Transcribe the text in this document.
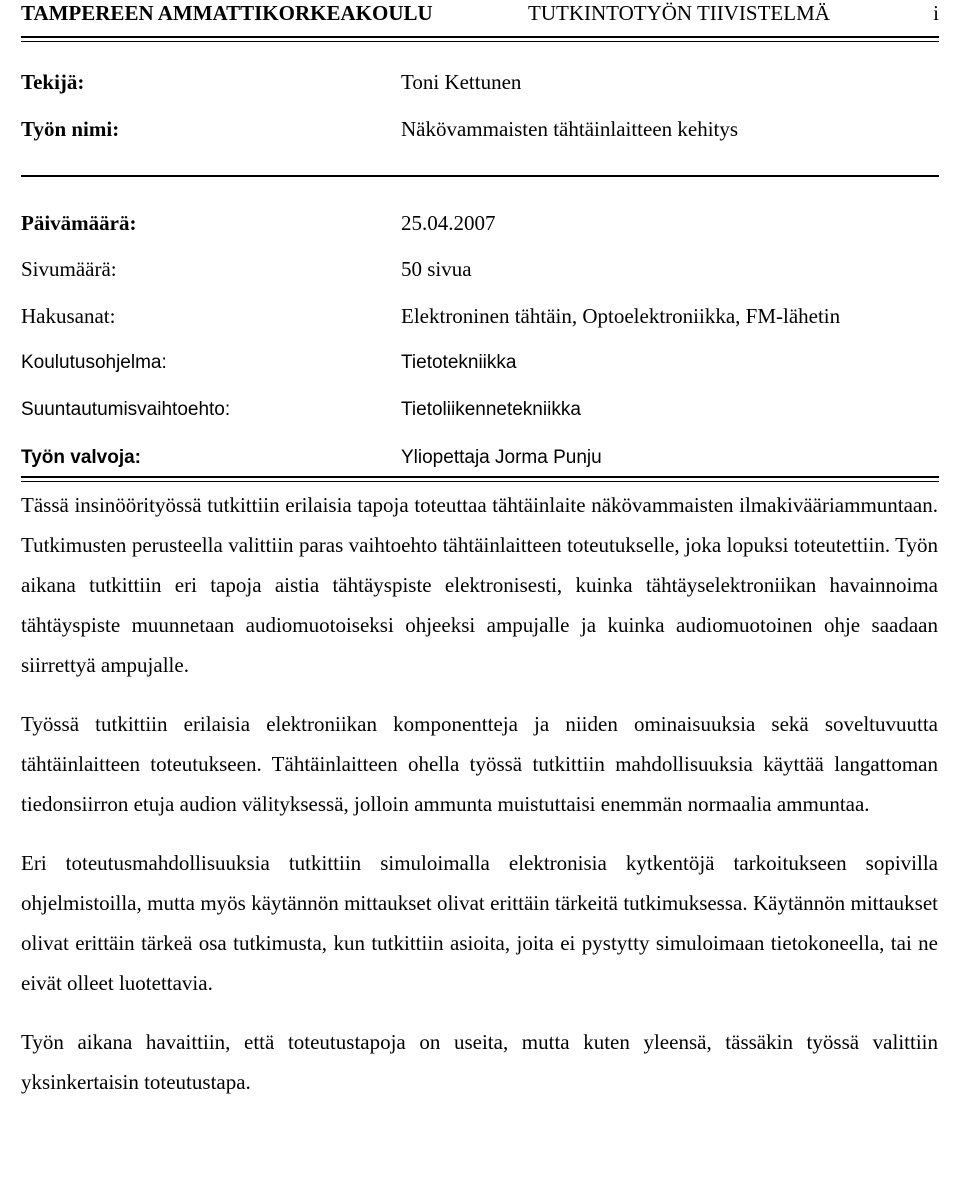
TAMPEREEN AMMATTIKORKEAKOULU	TUTKINTOTYÖN TIIVISTELMÄ	i
Tekijä:	Toni Kettunen
Työn nimi:	Näkövammaisten tähtäinlaitteen kehitys
Päivämäärä:	25.04.2007
Sivumäärä:	50 sivua
Hakusanat:	Elektroninen tähtäin, Optoelektroniikka, FM-lähetin
Koulutusohjelma:	Tietotekniikka
Suuntautumisvaihtoehto:	Tietoliikennetekniikka
Työn valvoja:	Yliopettaja Jorma Punju

Tässä insinöörityössä tutkittiin erilaisia tapoja toteuttaa tähtäinlaite näkövammaisten ilmakivääriammuntaan. Tutkimusten perusteella valittiin paras vaihtoehto tähtäinlaitteen toteutukselle, joka lopuksi toteutettiin. Työn aikana tutkittiin eri tapoja aistia tähtäyspiste elektronisesti, kuinka tähtäyselektroniikan havainnoima tähtäyspiste muunnetaan audiomuotoiseksi ohjeeksi ampujalle ja kuinka audiomuotoinen ohje saadaan siirrettyä ampujalle.

Työssä tutkittiin erilaisia elektroniikan komponentteja ja niiden ominaisuuksia sekä soveltuvuutta tähtäinlaitteen toteutukseen. Tähtäinlaitteen ohella työssä tutkittiin mahdollisuuksia käyttää langattoman tiedonsiirron etuja audion välityksessä, jolloin ammunta muistuttaisi enemmän normaalia ammuntaa.

Eri toteutusmahdollisuuksia tutkittiin simuloimalla elektronisia kytkentöjä tarkoitukseen sopivilla ohjelmistoilla, mutta myös käytännön mittaukset olivat erittäin tärkeitä tutkimuksessa. Käytännön mittaukset olivat erittäin tärkeä osa tutkimusta, kun tutkittiin asioita, joita ei pystytty simuloimaan tietokoneella, tai ne eivät olleet luotettavia.

Työn aikana havaittiin, että toteutustapoja on useita, mutta kuten yleensä, tässäkin työssä valittiin yksinkertaisin toteutustapa.
